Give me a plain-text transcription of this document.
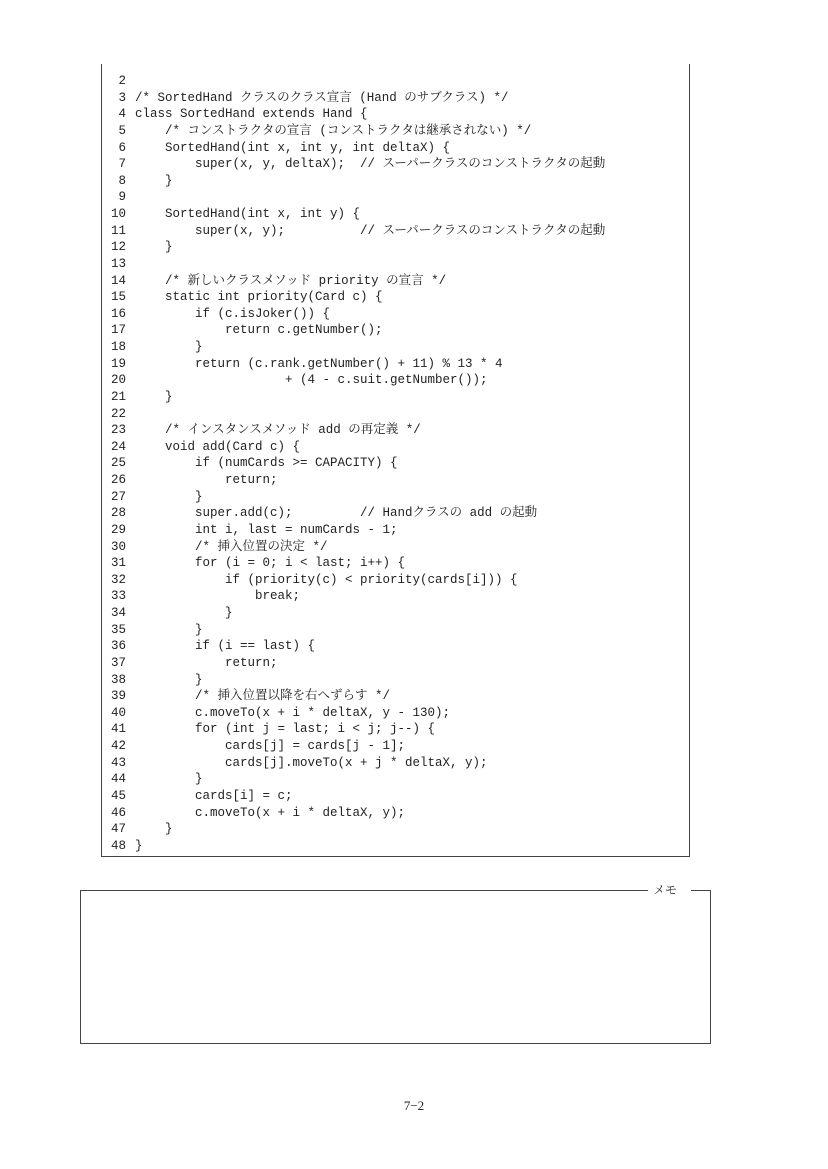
2
3 /* SortedHand クラスのクラス宣言 (Hand のサブクラス) */
4 class SortedHand extends Hand {
5 /* コンストラクタの宣言 (コンストラクタは継承されない) */
6 SortedHand(int x, int y, int deltaX) {
7 super(x, y, deltaX);  // スーパークラスのコンストラクタの起動
8 }
9
10 SortedHand(int x, int y) {
11 super(x, y);          // スーパークラスのコンストラクタの起動
12 }
13
14 /* 新しいクラスメソッド priority の宣言 */
15 static int priority(Card c) {
16 if (c.isJoker()) {
17 return c.getNumber();
18 }
19 return (c.rank.getNumber() + 11) % 13 * 4
20 + (4 - c.suit.getNumber());
21 }
22
23 /* インスタンスメソッド add の再定義 */
24 void add(Card c) {
25 if (numCards >= CAPACITY) {
26 return;
27 }
28 super.add(c);         // Handクラスの add の起動
29 int i, last = numCards - 1;
30 /* 挿入位置の決定 */
31 for (i = 0; i < last; i++) {
32 if (priority(c) < priority(cards[i])) {
33 break;
34 }
35 }
36 if (i == last) {
37 return;
38 }
39 /* 挿入位置以降を右へずらす */
40 c.moveTo(x + i * deltaX, y - 130);
41 for (int j = last; i < j; j--) {
42 cards[j] = cards[j - 1];
43 cards[j].moveTo(x + j * deltaX, y);
44 }
45 cards[i] = c;
46 c.moveTo(x + i * deltaX, y);
47 }
48 }
メモ
7−2
